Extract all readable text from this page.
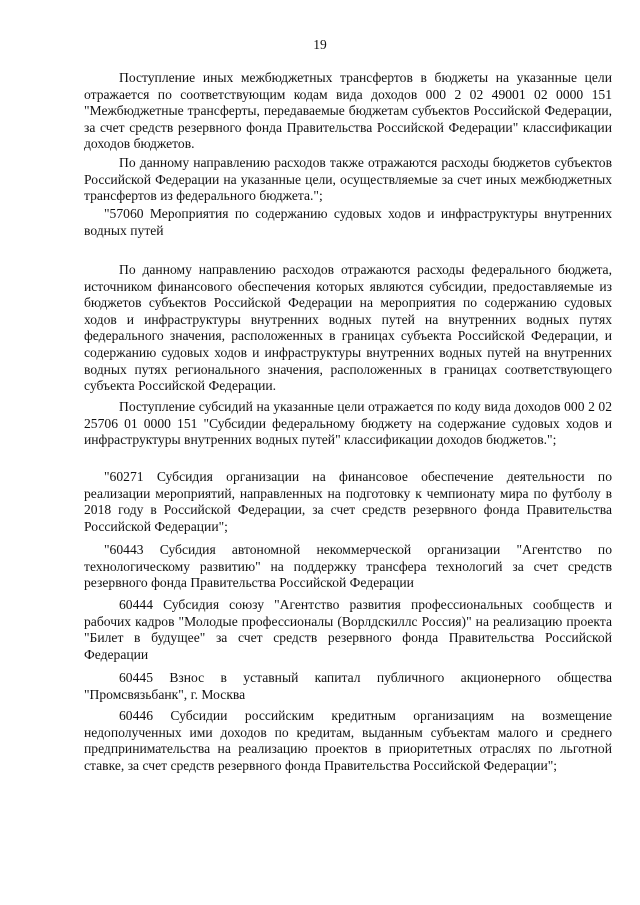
19
Поступление иных межбюджетных трансфертов в бюджеты на указанные цели отражается по соответствующим кодам вида доходов 000 2 02 49001 02 0000 151 "Межбюджетные трансферты, передаваемые бюджетам субъектов Российской Федерации, за счет средств резервного фонда Правительства Российской Федерации" классификации доходов бюджетов.
По данному направлению расходов также отражаются расходы бюджетов субъектов Российской Федерации на указанные цели, осуществляемые за счет иных межбюджетных трансфертов из федерального бюджета.";
"57060 Мероприятия по содержанию судовых ходов и инфраструктуры внутренних водных путей
По данному направлению расходов отражаются расходы федерального бюджета, источником финансового обеспечения которых являются субсидии, предоставляемые из бюджетов субъектов Российской Федерации на мероприятия по содержанию судовых ходов и инфраструктуры внутренних водных путей на внутренних водных путях федерального значения, расположенных в границах субъекта Российской Федерации, и содержанию судовых ходов и инфраструктуры внутренних водных путей на внутренних водных путях регионального значения, расположенных в границах соответствующего субъекта Российской Федерации.
Поступление субсидий на указанные цели отражается по коду вида доходов 000 2 02 25706 01 0000 151 "Субсидии федеральному бюджету на содержание судовых ходов и инфраструктуры внутренних водных путей" классификации доходов бюджетов.";
"60271 Субсидия организации на финансовое обеспечение деятельности по реализации мероприятий, направленных на подготовку к чемпионату мира по футболу в 2018 году в Российской Федерации, за счет средств резервного фонда Правительства Российской Федерации";
"60443 Субсидия автономной некоммерческой организации "Агентство по технологическому развитию" на поддержку трансфера технологий за счет средств резервного фонда Правительства Российской Федерации
60444 Субсидия союзу "Агентство развития профессиональных сообществ и рабочих кадров "Молодые профессионалы (Ворлдскиллс Россия)" на реализацию проекта "Билет в будущее" за счет средств резервного фонда Правительства Российской Федерации
60445 Взнос в уставный капитал публичного акционерного общества "Промсвязьбанк", г. Москва
60446 Субсидии российским кредитным организациям на возмещение недополученных ими доходов по кредитам, выданным субъектам малого и среднего предпринимательства на реализацию проектов в приоритетных отраслях по льготной ставке, за счет средств резервного фонда Правительства Российской Федерации";
